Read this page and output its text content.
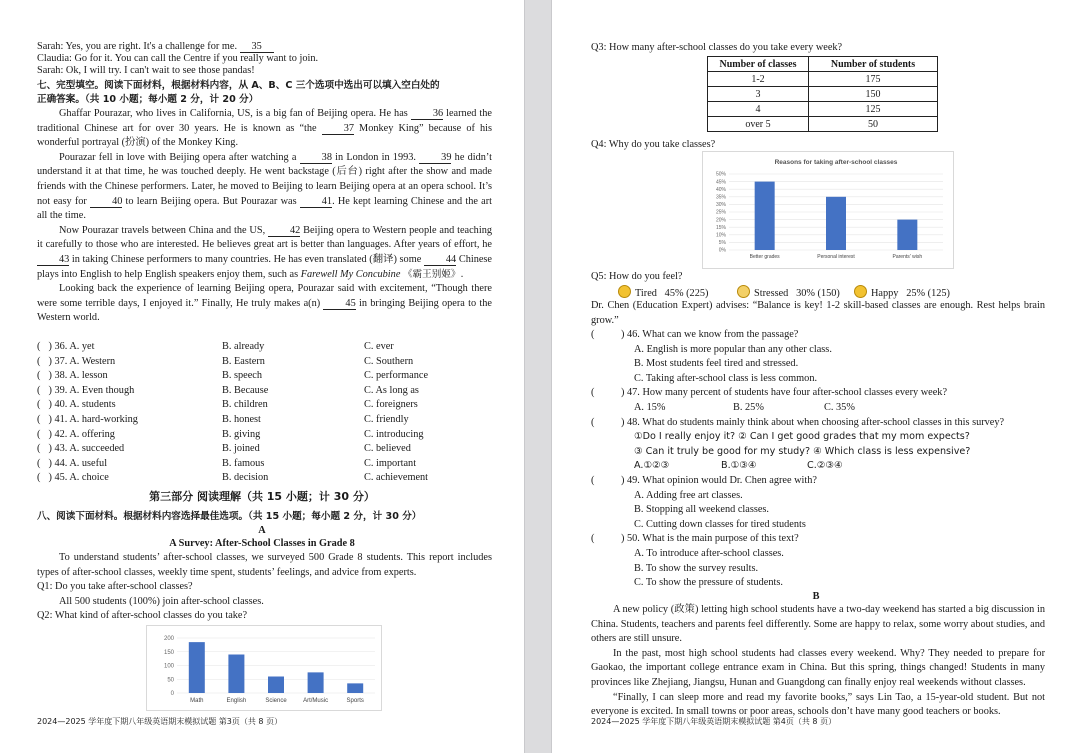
Sarah: Yes, you are right. It's a challenge for me. 35
Claudia: Go for it. You can call the Centre if you really want to join.
Sarah: Ok, I will try. I can't wait to see those pandas!
七、完型填空。阅读下面材料，根据材料内容，从 A、B、C 三个选项中选出可以填入空白处的
正确答案。（共 10 小题；每小题 2 分，计 20 分）
Ghaffar Pourazar, who lives in California, US, is a big fan of Beijing opera. He has 36 learned the traditional Chinese art for over 30 years. He is known as “the 37 Monkey King” because of his wonderful portrayal (扮演) of the Monkey King.
Pourazar fell in love with Beijing opera after watching a 38 in London in 1993. 39 he didn’t understand it at that time, he was touched deeply. He went backstage (后台) right after the show and made friends with the Chinese performers. Later, he moved to Beijing to learn Beijing opera at an opera school. It’s not easy for 40 to learn Beijing opera. But Pourazar was 41. He kept learning Chinese and the art all the time.
Now Pourazar travels between China and the US, 42 Beijing opera to Western people and teaching it carefully to those who are interested. He believes great art is better than languages. After years of effort, he 43 in taking Chinese performers to many countries. He has even translated (翻译) some 44 Chinese plays into English to help English speakers enjoy them, such as Farewell My Concubine 《霸王别姬》.
Looking back the experience of learning Beijing opera, Pourazar said with excitement, “Though there were some terrible days, I enjoyed it.” Finally, He truly makes a(n) 45 in bringing Beijing opera to the Western world.
( ) 36. A. yet	B. already	C. ever
( ) 37. A. Western	B. Eastern	C. Southern
( ) 38. A. lesson	B. speech	C. performance
( ) 39. A. Even though	B. Because	C. As long as
( ) 40. A. students	B. children	C. foreigners
( ) 41. A. hard-working	B. honest	C. friendly
( ) 42. A. offering	B. giving	C. introducing
( ) 43. A. succeeded	B. joined	C. believed
( ) 44. A. useful	B. famous	C. important
( ) 45. A. choice	B. decision	C. achievement
第三部分 阅读理解（共 15 小题；计 30 分）
八、阅读下面材料。根据材料内容选择最佳选项。（共 15 小题；每小题 2 分，计 30 分）
A
A Survey: After-School Classes in Grade 8
To understand students’ after-school classes, we surveyed 500 Grade 8 students. This report includes types of after-school classes, weekly time spent, students’ feelings, and advice from experts.
Q1: Do you take after-school classes?
All 500 students (100%) join after-school classes.
Q2: What kind of after-school classes do you take?
0
50
100
150
200
Math	English	Science	Art/Music	Sports
2024—2025 学年度下期八年级英语期末模拟试题 第3页（共 8 页）
Q3: How many after-school classes do you take every week?
Number of classes	Number of students
1-2	175
3	150
4	125
over 5	50
Q4: Why do you take classes?
Reasons for taking after-school classes
0%
5%
10%
15%
20%
25%
30%
35%
40%
45%
50%
Better grades	Personal interest	Parents' wish
Q5: How do you feel?
Tired 45% (225)	Stressed 30% (150)	Happy 25% (125)
Dr. Chen (Education Expert) advises: “Balance is key! 1-2 skill-based classes are enough. Rest helps brain grow.”
(	) 46. What can we know from the passage?
A. English is more popular than any other class.
B. Most students feel tired and stressed.
C. Taking after-school class is less common.
(	) 47. How many percent of students have four after-school classes every week?
A. 15%	B. 25%	C. 35%
(	) 48. What do students mainly think about when choosing after-school classes in this survey?
①Do I really enjoy it? ② Can I get good grades that my mom expects?
③ Can it truly be good for my study? ④ Which class is less expensive?
A.①②③	B.①③④	C.②③④
(	) 49. What opinion would Dr. Chen agree with?
A. Adding free art classes.
B. Stopping all weekend classes.
C. Cutting down classes for tired students
(	) 50. What is the main purpose of this text?
A. To introduce after-school classes.
B. To show the survey results.
C. To show the pressure of students.
B
A new policy (政策) letting high school students have a two-day weekend has started a big discussion in China. Students, teachers and parents feel differently. Some are happy to relax, some worry about studies, and others are still unsure.
In the past, most high school students had classes every weekend. Why? They needed to prepare for Gaokao, the important college entrance exam in China. But this spring, things changed! Students in many provinces like Zhejiang, Jiangsu, Hunan and Guangdong can finally enjoy real weekends without classes.
“Finally, I can sleep more and read my favorite books,” says Lin Tao, a 15-year-old student. But not everyone is excited. In small towns or poor areas, schools don’t have many good teachers or books.
2024—2025 学年度下期八年级英语期末模拟试题 第4页（共 8 页）
